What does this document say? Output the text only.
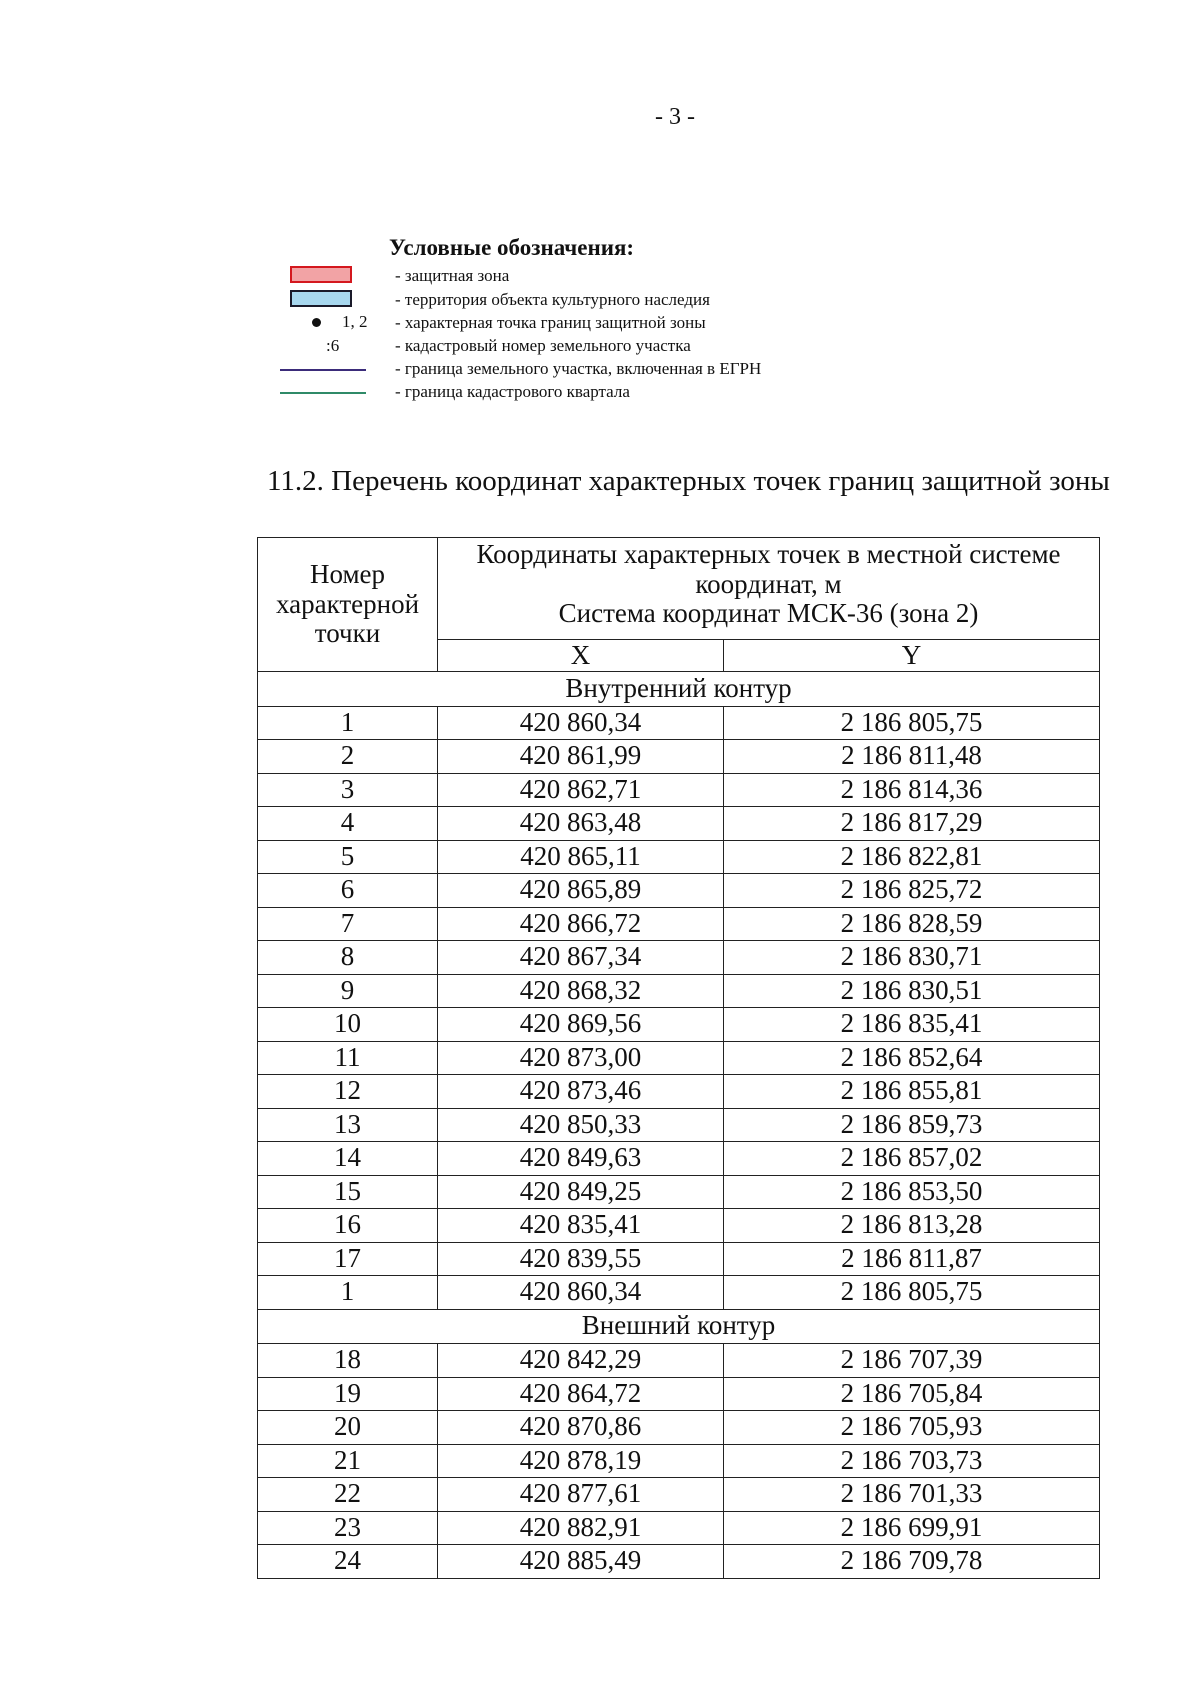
- 3 -
Условные обозначения:
- защитная зона
- территория объекта культурного наследия
1, 2 - характерная точка границ защитной зоны
:6	- кадастровый номер земельного участка
- граница земельного участка, включенная в ЕГРН
- граница кадастрового квартала
11.2. Перечень координат характерных точек границ защитной зоны
Номер характерной точки	Координаты характерных точек в местной системе координат, м
Система координат МСК-36 (зона 2)	

	X	Y
Внутренний контур		
1	420 860,34	2 186 805,75
2	420 861,99	2 186 811,48
3	420 862,71	2 186 814,36
4	420 863,48	2 186 817,29
5	420 865,11	2 186 822,81
6	420 865,89	2 186 825,72
7	420 866,72	2 186 828,59
8	420 867,34	2 186 830,71
9	420 868,32	2 186 830,51
10	420 869,56	2 186 835,41
11	420 873,00	2 186 852,64
12	420 873,46	2 186 855,81
13	420 850,33	2 186 859,73
14	420 849,63	2 186 857,02
15	420 849,25	2 186 853,50
16	420 835,41	2 186 813,28
17	420 839,55	2 186 811,87
1	420 860,34	2 186 805,75
Внешний контур		
18	420 842,29	2 186 707,39
19	420 864,72	2 186 705,84
20	420 870,86	2 186 705,93
21	420 878,19	2 186 703,73
22	420 877,61	2 186 701,33
23	420 882,91	2 186 699,91
24	420 885,49	2 186 709,78
